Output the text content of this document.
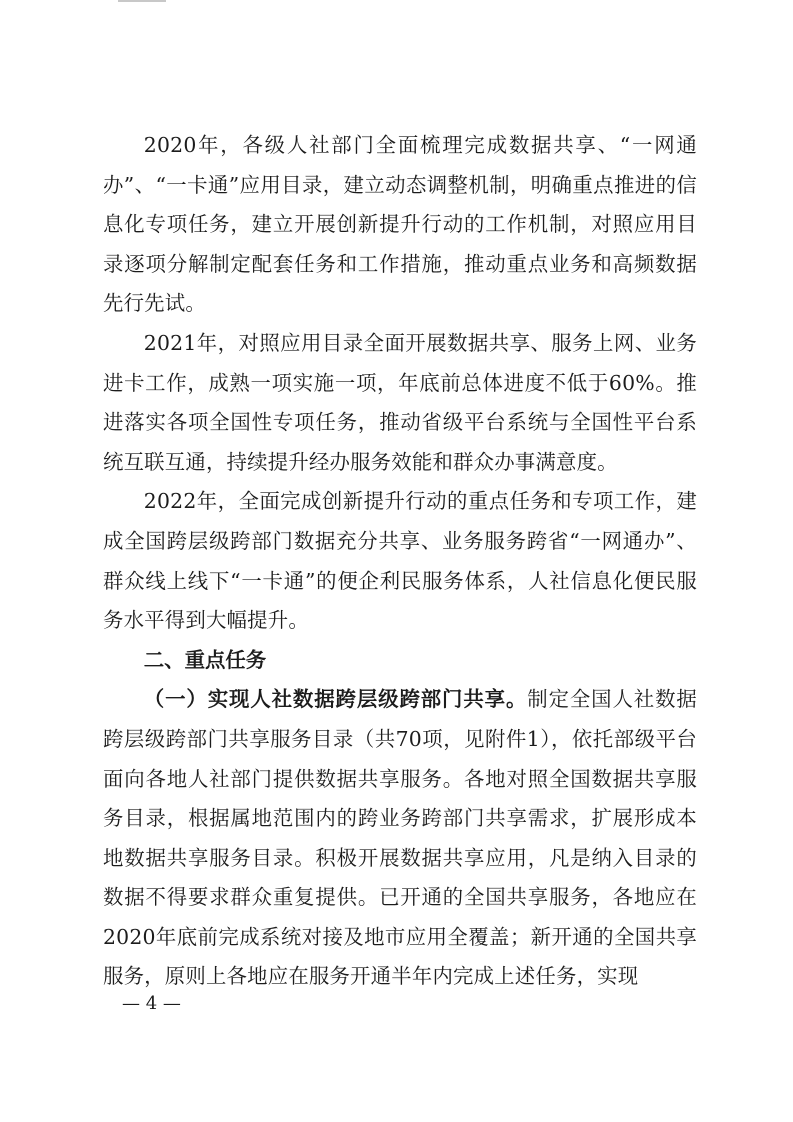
2020年，各级人社部门全面梳理完成数据共享、“一网通办”、“一卡通”应用目录，建立动态调整机制，明确重点推进的信息化专项任务，建立开展创新提升行动的工作机制，对照应用目录逐项分解制定配套任务和工作措施，推动重点业务和高频数据先行先试。

2021年，对照应用目录全面开展数据共享、服务上网、业务进卡工作，成熟一项实施一项，年底前总体进度不低于60%。推进落实各项全国性专项任务，推动省级平台系统与全国性平台系统互联互通，持续提升经办服务效能和群众办事满意度。

2022年，全面完成创新提升行动的重点任务和专项工作，建成全国跨层级跨部门数据充分共享、业务服务跨省“一网通办”、群众线上线下“一卡通”的便企利民服务体系，人社信息化便民服务水平得到大幅提升。

二、重点任务

（一）实现人社数据跨层级跨部门共享。制定全国人社数据跨层级跨部门共享服务目录（共70项，见附件1），依托部级平台面向各地人社部门提供数据共享服务。各地对照全国数据共享服务目录，根据属地范围内的跨业务跨部门共享需求，扩展形成本地数据共享服务目录。积极开展数据共享应用，凡是纳入目录的数据不得要求群众重复提供。已开通的全国共享服务，各地应在2020年底前完成系统对接及地市应用全覆盖；新开通的全国共享服务，原则上各地应在服务开通半年内完成上述任务，实现

— 4 —
